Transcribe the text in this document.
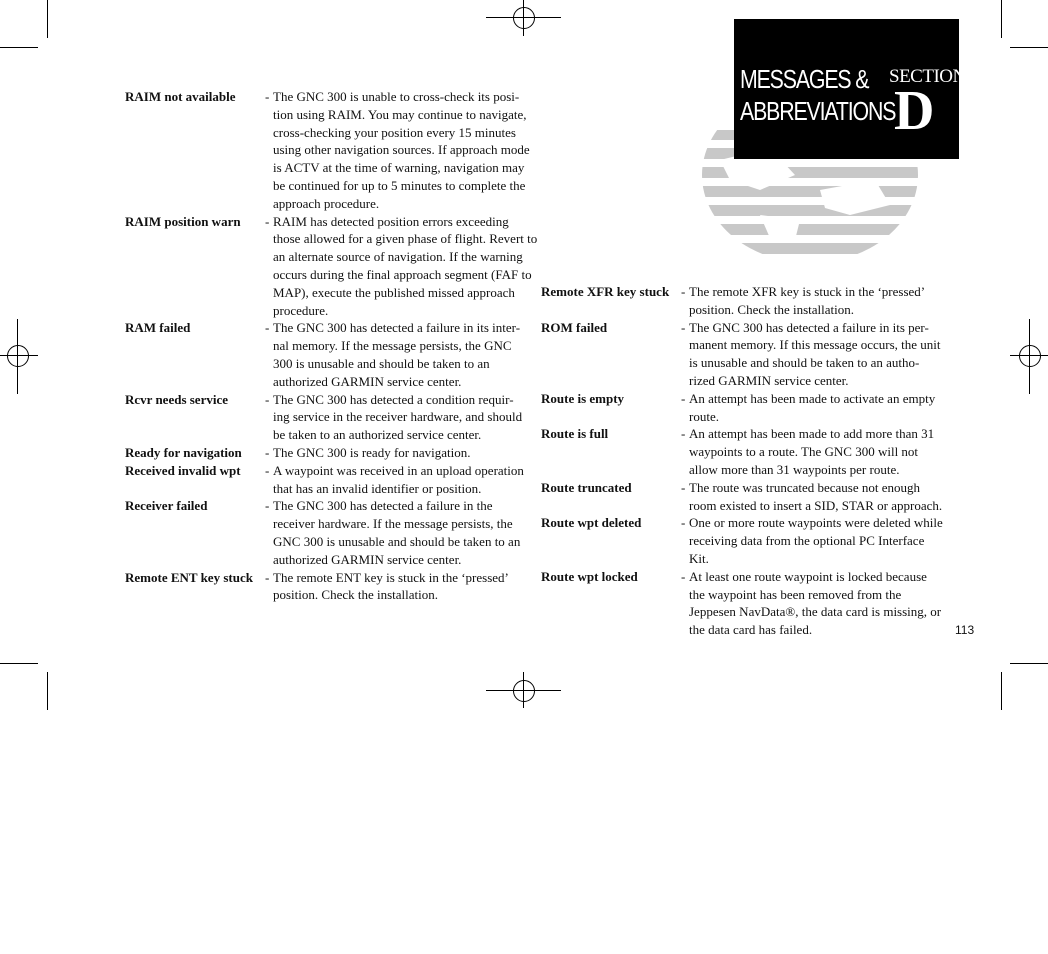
MESSAGES &
ABBREVIATIONS
SECTION
D
RAIM not available - The GNC 300 is unable to cross-check its posi-
tion using RAIM. You may continue to navigate,
cross-checking your position every 15 minutes
using other navigation sources. If approach mode
is ACTV at the time of warning, navigation may
be continued for up to 5 minutes to complete the
approach procedure.
RAIM position warn - RAIM has detected position errors exceeding
those allowed for a given phase of flight. Revert to
an alternate source of navigation. If the warning
occurs during the final approach segment (FAF to
MAP), execute the published missed approach
procedure.
RAM failed	- The GNC 300 has detected a failure in its inter-
nal memory. If the message persists, the GNC
300 is unusable and should be taken to an
authorized GARMIN service center.
Rcvr needs service	- The GNC 300 has detected a condition requir-
ing service in the receiver hardware, and should
be taken to an authorized service center.
Ready for navigation - The GNC 300 is ready for navigation.
Received invalid wpt - A waypoint was received in an upload operation
that has an invalid identifier or position.
Receiver failed	- The GNC 300 has detected a failure in the
receiver hardware. If the message persists, the
GNC 300 is unusable and should be taken to an
authorized GARMIN service center.
Remote ENT key stuck - The remote ENT key is stuck in the ‘pressed’
position. Check the installation.
Remote XFR key stuck - The remote XFR key is stuck in the ‘pressed’
position. Check the installation.
ROM failed	- The GNC 300 has detected a failure in its per-
manent memory. If this message occurs, the unit
is unusable and should be taken to an autho-
rized GARMIN service center.
Route is empty	- An attempt has been made to activate an empty
route.
Route is full	- An attempt has been made to add more than 31
waypoints to a route. The GNC 300 will not
allow more than 31 waypoints per route.
Route truncated	- The route was truncated because not enough
room existed to insert a SID, STAR or approach.
Route wpt deleted	- One or more route waypoints were deleted while
receiving data from the optional PC Interface
Kit.
Route wpt locked	- At least one route waypoint is locked because
the waypoint has been removed from the
Jeppesen NavData®, the data card is missing, or
the data card has failed.	113
